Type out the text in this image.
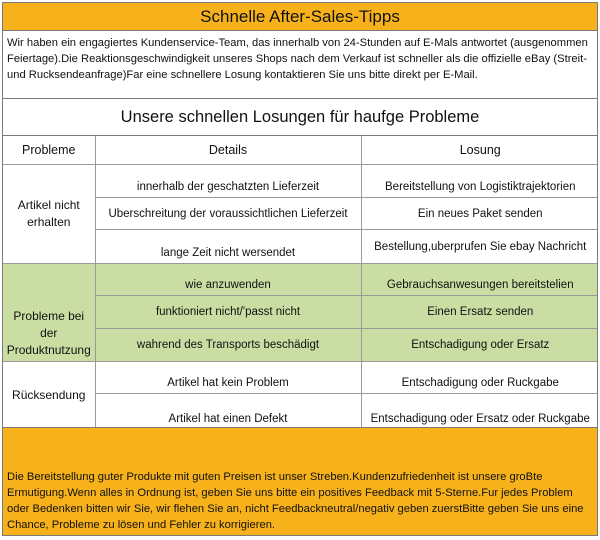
Schnelle After-Sales-Tipps
Wir haben ein engagiertes Kundenservice-Team, das innerhalb von 24-Stunden auf E-Mals antwortet (ausgenommen Feiertage).Die Reaktionsgeschwindigkeit unseres Shops nach dem Verkauf ist schneller als die offizielle eBay (Streit- und Rucksendeanfrage)Far eine schnellere Losung kontaktieren Sie uns bitte direkt per E-Mail.
Unsere schnellen Losungen für haufge Probleme
Probleme	Details	Losung
Artikel nicht erhalten	innerhalb der geschatzten Lieferzeit	Bereitstellung von Logistiktrajektorien
	Uberschreitung der voraussichtlichen Lieferzeit	Ein neues Paket senden
	lange Zeit nicht wersendet	Bestellung,uberprufen Sie ebay Nachricht
Probleme bei der Produktnutzung	wie anzuwenden	Gebrauchsanwesungen bereitstelien
	funktioniert nicht/'passt nicht	Einen Ersatz senden
	wahrend des Transports beschädigt	Entschadigung oder Ersatz
Rücksendung	Artikel hat kein Problem	Entschadigung oder Ruckgabe
	Artikel hat einen Defekt	Entschadigung oder Ersatz oder Ruckgabe
Die Bereitstellung guter Produkte mit guten Preisen ist unser Streben.Kundenzufriedenheit ist unsere groBte Ermutigung.Wenn alles in Ordnung ist, geben Sie uns bitte ein positives Feedback mit 5-Sterne.Fur jedes Problem oder Bedenken bitten wir Sie, wir flehen Sie an, nicht Feedbackneutral/negativ geben zuerstBitte geben Sie uns eine Chance, Probleme zu lösen und Fehler zu korrigieren.
